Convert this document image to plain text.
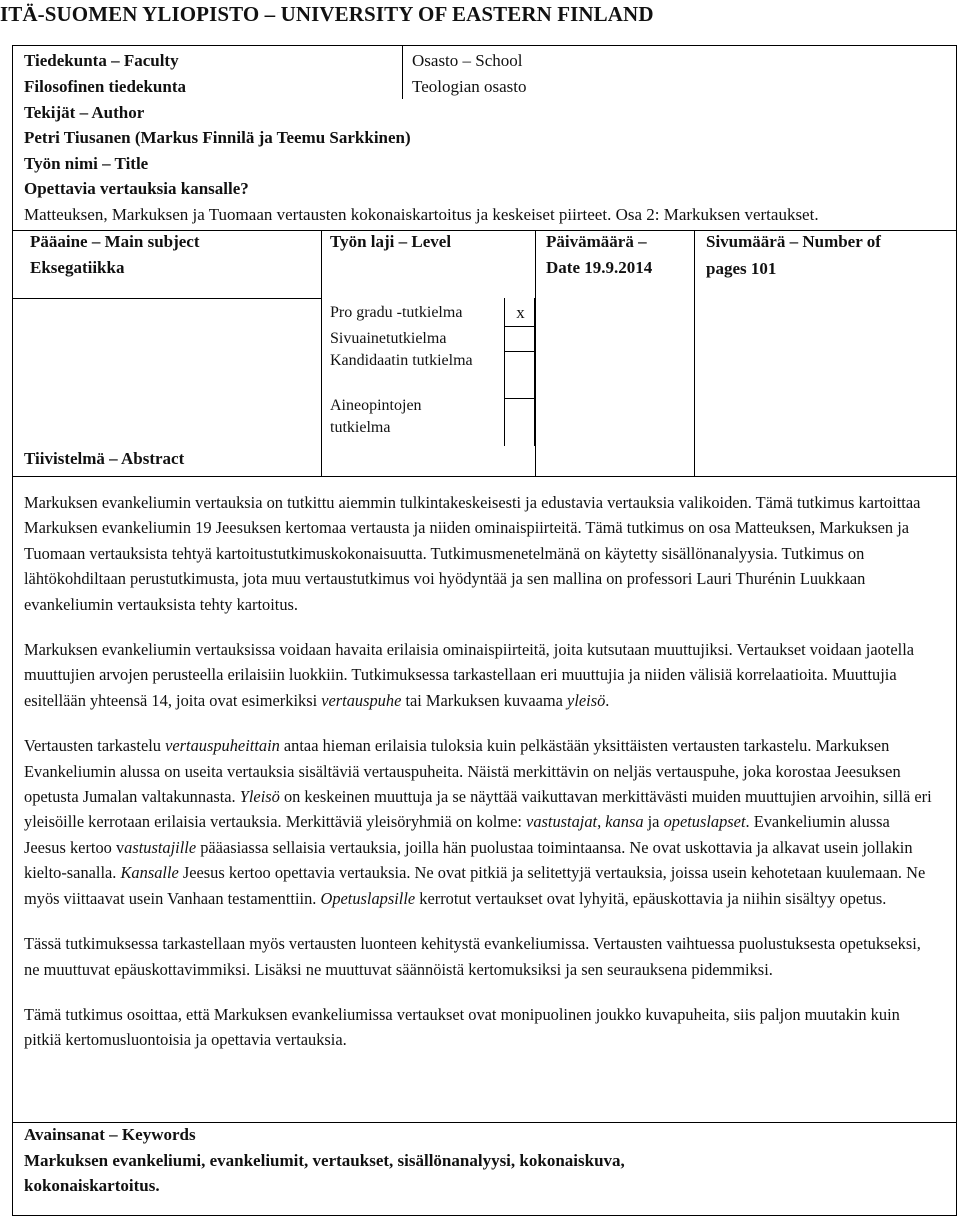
ITÄ-SUOMEN YLIOPISTO – UNIVERSITY OF EASTERN FINLAND
Tiedekunta – Faculty
Filosofinen tiedekunta
Osasto – School
Teologian osasto
Tekijät – Author
Petri Tiusanen (Markus Finnilä ja Teemu Sarkkinen)
Työn nimi – Title
Opettavia vertauksia kansalle?
Matteuksen, Markuksen ja Tuomaan vertausten kokonaiskartoitus ja keskeiset piirteet. Osa 2: Markuksen vertaukset.
Pääaine – Main subject
Eksegatiikka
Työn laji – Level	Päivämäärä –
Date 19.9.2014
Sivumäärä – Number of
pages 101
Pro gradu -tutkielma
Sivuainetutkielma
Kandidaatin tutkielma
Aineopintojen tutkielma
x
Tiivistelmä – Abstract

Markuksen evankeliumin vertauksia on tutkittu aiemmin tulkintakeskeisesti ja edustavia vertauksia valikoiden. Tämä tutkimus kartoittaa Markuksen evankeliumin 19 Jeesuksen kertomaa vertausta ja niiden ominaispiirteitä. Tämä tutkimus on osa Matteuksen, Markuksen ja Tuomaan vertauksista tehtyä kartoitustutkimuskokonaisuutta. Tutkimusmenetelmänä on käytetty sisällönanalyysia. Tutkimus on lähtökohdiltaan perustutkimusta, jota muu vertaustutkimus voi hyödyntää ja sen mallina on professori Lauri Thurénin Luukkaan evankeliumin vertauksista tehty kartoitus.

Markuksen evankeliumin vertauksissa voidaan havaita erilaisia ominaispiirteitä, joita kutsutaan muuttujiksi. Vertaukset voidaan jaotella muuttujien arvojen perusteella erilaisiin luokkiin. Tutkimuksessa tarkastellaan eri muuttujia ja niiden välisiä korrelaatioita. Muuttujia esitellään yhteensä 14, joita ovat esimerkiksi vertauspuhe tai Markuksen kuvaama yleisö.

Vertausten tarkastelu vertauspuheittain antaa hieman erilaisia tuloksia kuin pelkästään yksittäisten vertausten tarkastelu. Markuksen Evankeliumin alussa on useita vertauksia sisältäviä vertauspuheita. Näistä merkittävin on neljäs vertauspuhe, joka korostaa Jeesuksen opetusta Jumalan valtakunnasta. Yleisö on keskeinen muuttuja ja se näyttää vaikuttavan merkittävästi muiden muuttujien arvoihin, sillä eri yleisöille kerrotaan erilaisia vertauksia. Merkittäviä yleisöryhmiä on kolme: vastustajat, kansa ja opetuslapset. Evankeliumin alussa Jeesus kertoo vastustajille pääasiassa sellaisia vertauksia, joilla hän puolustaa toimintaansa. Ne ovat uskottavia ja alkavat usein jollakin kielto-sanalla. Kansalle Jeesus kertoo opettavia vertauksia. Ne ovat pitkiä ja selitettyjä vertauksia, joissa usein kehotetaan kuulemaan. Ne myös viittaavat usein Vanhaan testamenttiin. Opetuslapsille kerrotut vertaukset ovat lyhyitä, epäuskottavia ja niihin sisältyy opetus.

Tässä tutkimuksessa tarkastellaan myös vertausten luonteen kehitystä evankeliumissa. Vertausten vaihtuessa puolustuksesta opetukseksi, ne muuttuvat epäuskottavimmiksi. Lisäksi ne muuttuvat säännöistä kertomuksiksi ja sen seurauksena pidemmiksi.

Tämä tutkimus osoittaa, että Markuksen evankeliumissa vertaukset ovat monipuolinen joukko kuvapuheita, siis paljon muutakin kuin pitkiä kertomusluontoisia ja opettavia vertauksia.

Avainsanat – Keywords
Markuksen evankeliumi, evankeliumit, vertaukset, sisällönanalyysi, kokonaiskuva, kokonaiskartoitus.
